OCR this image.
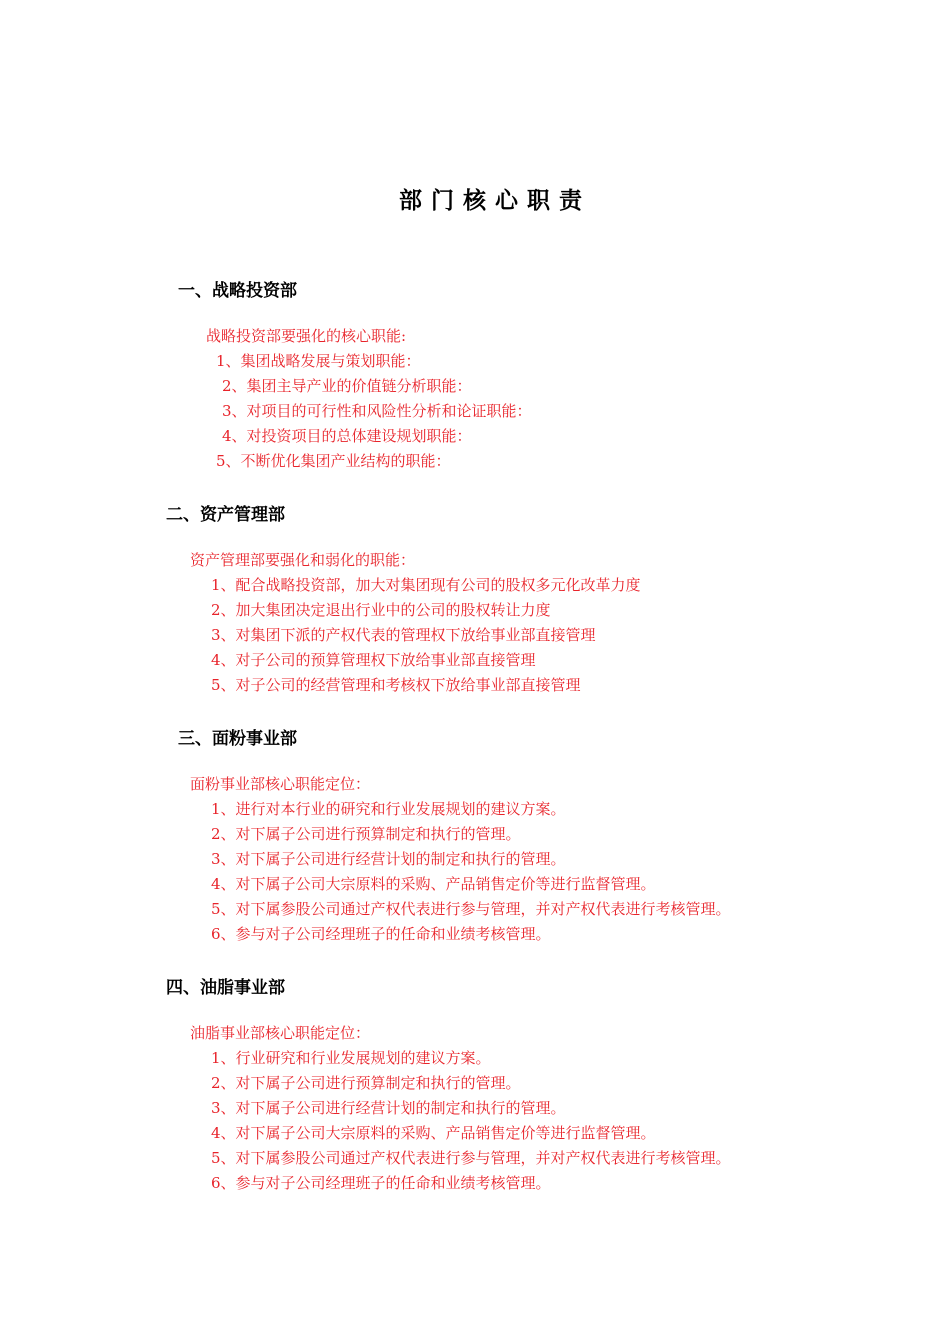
部门核心职责
一、战略投资部
战略投资部要强化的核心职能:
1、集团战略发展与策划职能：
2、集团主导产业的价值链分析职能：
3、对项目的可行性和风险性分析和论证职能：
4、对投资项目的总体建设规划职能：
5、不断优化集团产业结构的职能：
二、资产管理部
资产管理部要强化和弱化的职能：
1、配合战略投资部，加大对集团现有公司的股权多元化改革力度
2、加大集团决定退出行业中的公司的股权转让力度
3、对集团下派的产权代表的管理权下放给事业部直接管理
4、对子公司的预算管理权下放给事业部直接管理
5、对子公司的经营管理和考核权下放给事业部直接管理
三、面粉事业部
面粉事业部核心职能定位：
1、进行对本行业的研究和行业发展规划的建议方案。
2、对下属子公司进行预算制定和执行的管理。
3、对下属子公司进行经营计划的制定和执行的管理。
4、对下属子公司大宗原料的采购、产品销售定价等进行监督管理。
5、对下属参股公司通过产权代表进行参与管理，并对产权代表进行考核管理。
6、参与对子公司经理班子的任命和业绩考核管理。
四、油脂事业部
油脂事业部核心职能定位：
1、行业研究和行业发展规划的建议方案。
2、对下属子公司进行预算制定和执行的管理。
3、对下属子公司进行经营计划的制定和执行的管理。
4、对下属子公司大宗原料的采购、产品销售定价等进行监督管理。
5、对下属参股公司通过产权代表进行参与管理，并对产权代表进行考核管理。
6、参与对子公司经理班子的任命和业绩考核管理。
